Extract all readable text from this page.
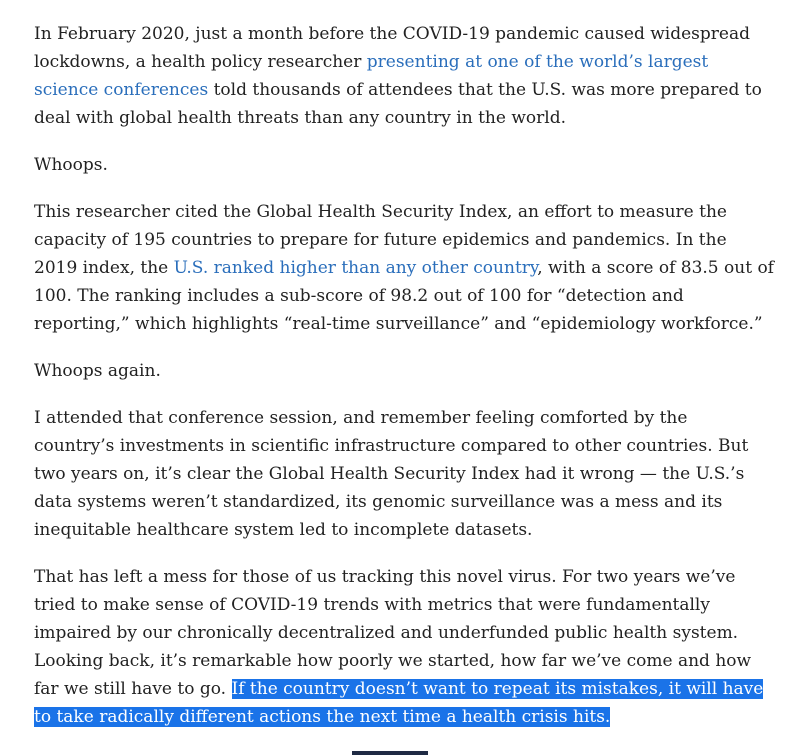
In February 2020, just a month before the COVID-19 pandemic caused widespread
lockdowns, a health policy researcher presenting at one of the world’s largest
science conferences told thousands of attendees that the U.S. was more prepared to
deal with global health threats than any country in the world.

Whoops.

This researcher cited the Global Health Security Index, an effort to measure the
capacity of 195 countries to prepare for future epidemics and pandemics. In the
2019 index, the U.S. ranked higher than any other country, with a score of 83.5 out of
100. The ranking includes a sub-score of 98.2 out of 100 for “detection and
reporting,” which highlights “real-time surveillance” and “epidemiology workforce.”

Whoops again.

I attended that conference session, and remember feeling comforted by the
country’s investments in scientific infrastructure compared to other countries. But
two years on, it’s clear the Global Health Security Index had it wrong — the U.S.’s
data systems weren’t standardized, its genomic surveillance was a mess and its
inequitable healthcare system led to incomplete datasets.

That has left a mess for those of us tracking this novel virus. For two years we’ve
tried to make sense of COVID-19 trends with metrics that were fundamentally
impaired by our chronically decentralized and underfunded public health system.
Looking back, it’s remarkable how poorly we started, how far we’ve come and how
far we still have to go. If the country doesn’t want to repeat its mistakes, it will have
to take radically different actions the next time a health crisis hits.
